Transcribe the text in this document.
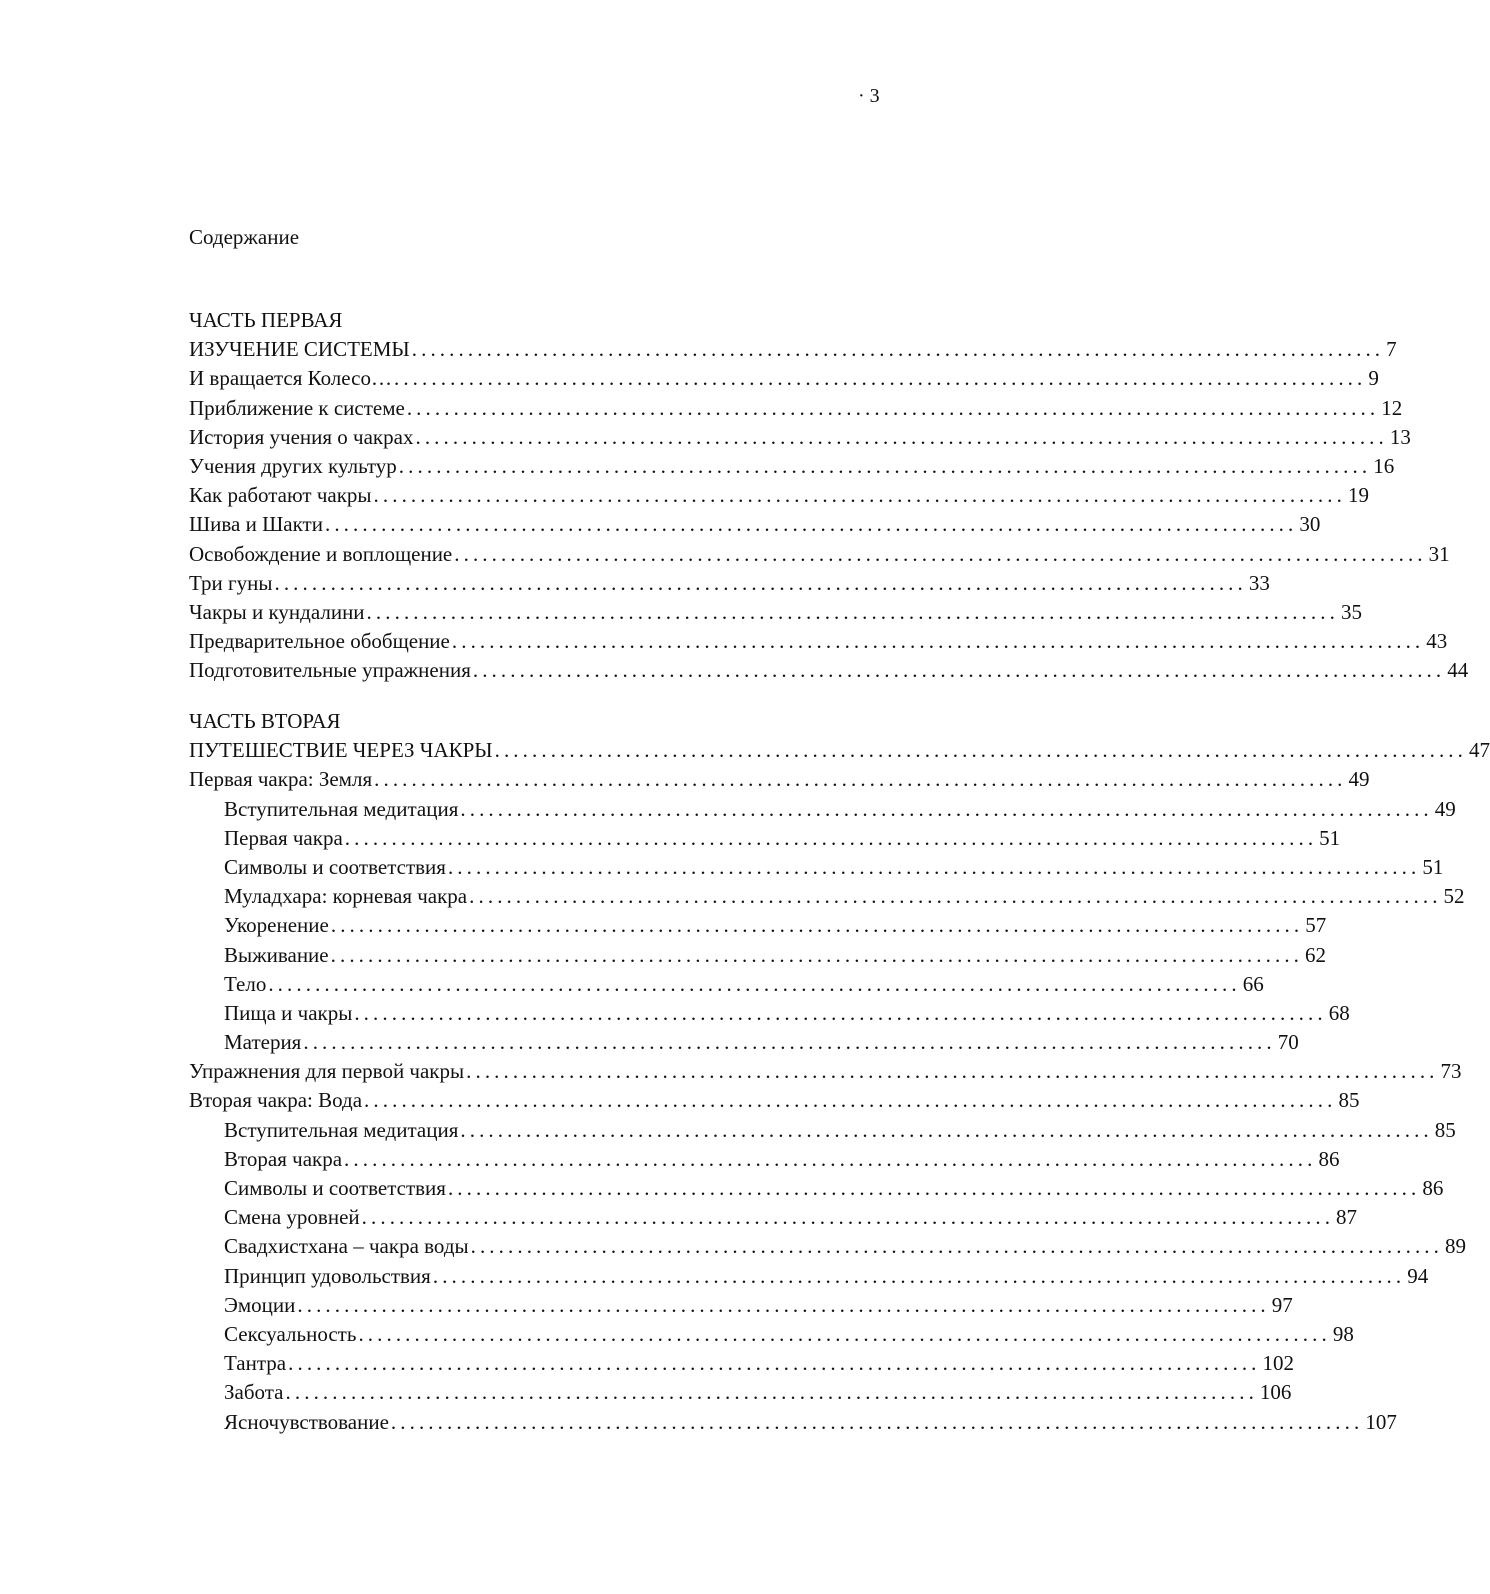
· 3
Содержание
ЧАСТЬ ПЕРВАЯ
ИЗУЧЕНИЕ СИСТЕМЫ ........................................................................................................ 7
И вращается Колесо… ........................................................................................................ 9
Приближение к системе ........................................................................................................ 12
История учения о чакрах ........................................................................................................ 13
Учения других культур ........................................................................................................ 16
Как работают чакры ........................................................................................................ 19
Шива и Шакти ........................................................................................................ 30
Освобождение и воплощение ........................................................................................................ 31
Три гуны ........................................................................................................ 33
Чакры и кундалини ........................................................................................................ 35
Предварительное обобщение ........................................................................................................ 43
Подготовительные упражнения ........................................................................................................ 44
ЧАСТЬ ВТОРАЯ
ПУТЕШЕСТВИЕ ЧЕРЕЗ ЧАКРЫ ........................................................................................................ 47
Первая чакра: Земля ........................................................................................................ 49
Вступительная медитация ........................................................................................................ 49
Первая чакра ........................................................................................................ 51
Символы и соответствия ........................................................................................................ 51
Муладхара: корневая чакра ........................................................................................................ 52
Укоренение ........................................................................................................ 57
Выживание ........................................................................................................ 62
Тело ........................................................................................................ 66
Пища и чакры ........................................................................................................ 68
Материя ........................................................................................................ 70
Упражнения для первой чакры ........................................................................................................ 73
Вторая чакра: Вода ........................................................................................................ 85
Вступительная медитация ........................................................................................................ 85
Вторая чакра ........................................................................................................ 86
Символы и соответствия ........................................................................................................ 86
Смена уровней ........................................................................................................ 87
Свадхистхана – чакра воды ........................................................................................................ 89
Принцип удовольствия ........................................................................................................ 94
Эмоции ........................................................................................................ 97
Сексуальность ........................................................................................................ 98
Тантра ........................................................................................................ 102
Забота ........................................................................................................ 106
Ясночувствование ........................................................................................................ 107
